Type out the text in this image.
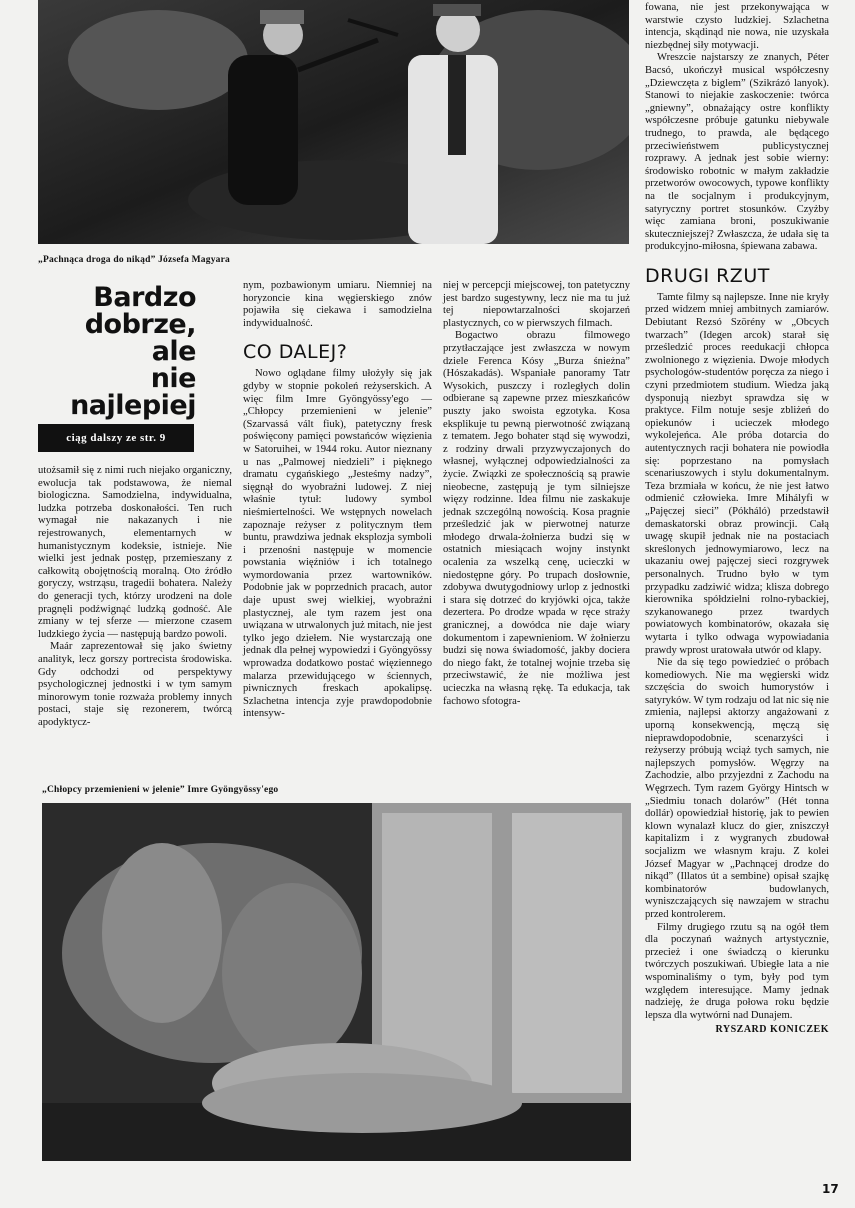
„Pachnąca droga do nikąd” Józsefa Magyara
Bardzo
dobrze,
ale
nie najlepiej
ciąg dalszy ze str. 9

utożsamił się z nimi ruch niejako organiczny, ewolucja tak podstawowa, że niemal biologiczna. Samodzielna, indywidualna, ludzka potrzeba doskonałości. Ten ruch wymagał nie nakazanych i nie rejestrowanych, elementarnych w humanistycznym kodeksie, istnieje. Nie wielki jest jednak postęp, przemieszany z całkowitą obojętnością moralną. Oto źródło goryczy, wstrząsu, tragedii bohatera. Należy do generacji tych, którzy urodzeni na dole pragnęli podźwignąć ludzką godność. Ale zmiany w tej sferze — mierzone czasem ludzkiego życia — następują bardzo powoli.

Maár zaprezentował się jako świetny analityk, lecz gorszy portrecista środowiska. Gdy odchodzi od perspektywy psychologicznej jednostki i w tym samym minorowym tonie rozważa problemy innych postaci, staje się rezonerem, twórcą apodyktycz-

nym, pozbawionym umiaru. Niemniej na horyzoncie kina węgierskiego znów pojawiła się ciekawa i samodzielna indywidualność.

CO DALEJ?

Nowo oglądane filmy ułożyły się jak gdyby w stopnie pokoleń reżyserskich. A więc film Imre Gyöngyössy'ego — „Chłopcy przemienieni w jelenie” (Szarvassá vált fiuk), patetyczny fresk poświęcony pamięci powstańców więzienia w Satoruihei, w 1944 roku. Autor nieznany u nas „Palmowej niedzieli” i pięknego dramatu cygańskiego „Jesteśmy nadzy”, sięgnął do wyobraźni ludowej. Z niej właśnie tytuł: ludowy symbol nieśmiertelności. We wstępnych nowelach zapoznaje reżyser z politycznym tłem buntu, prawdziwa jednak eksplozja symboli i przenośni następuje w momencie powstania więźniów i ich totalnego wymordowania przez wartowników. Podobnie jak w poprzednich pracach, autor daje upust swej wielkiej, wyobraźni plastycznej, ale tym razem jest ona uwiązana w utrwalonych już mitach, nie jest tylko jego dziełem. Nie wystarczają one jednak dla pełnej wypowiedzi i Gyöngyössy wprowadza dodatkowo postać więziennego malarza przewidującego w ściennych, piwnicznych freskach apokalipsę. Szlachetna intencja zyje prawdopodobnie intensyw-

niej w percepcji miejscowej, ton patetyczny jest bardzo sugestywny, lecz nie ma tu już tej niepowtarzalności skojarzeń plastycznych, co w pierwszych filmach.

Bogactwo obrazu filmowego przytłaczające jest zwłaszcza w nowym dziele Ferenca Kósy „Burza śnieżna” (Hószakadás). Wspaniałe panoramy Tatr Wysokich, puszczy i rozległych dolin odbierane są zapewne przez mieszkańców puszty jako swoista egzotyka. Kosa eksplikuje tu pewną pierwotność związaną z tematem. Jego bohater stąd się wywodzi, z rodziny drwali przyzwyczajonych do własnej, wyłącznej odpowiedzialności za życie. Związki ze społecznością są prawie nieobecne, zastępują je tym silniejsze więzy rodzinne. Idea filmu nie zaskakuje jednak szczególną nowością. Kosa pragnie prześledzić jak w pierwotnej naturze młodego drwala-żołnierza budzi się w ostatnich miesiącach wojny instynkt ocalenia za wszelką cenę, ucieczki w niedostępne góry. Po trupach dosłownie, zdobywa dwutygodniowy urlop z jednostki i stara się dotrzeć do kryjówki ojca, także dezertera. Po drodze wpada w ręce straży granicznej, a dowódca nie daje wiary dokumentom i zapewnieniom. W żołnierzu budzi się nowa świadomość, jakby dociera do niego fakt, że totalnej wojnie trzeba się przeciwstawić, że nie możliwa jest ucieczka na własną rękę. Ta edukacja, tak fachowo sfotogra-

fowana, nie jest przekonywająca w warstwie czysto ludzkiej. Szlachetna intencja, skądinąd nie nowa, nie uzyskała niezbędnej siły motywacji.

Wreszcie najstarszy ze znanych, Péter Bacsó, ukończył musical współczesny „Dziewczęta z biglem” (Szikrázó lanyok). Stanowi to niejakie zaskoczenie: twórca „gniewny”, obnażający ostre konflikty współczesne próbuje gatunku niebywale trudnego, to prawda, ale będącego przeciwieństwem publicystycznej rozprawy. A jednak jest sobie wierny: środowisko robotnic w małym zakładzie przetworów owocowych, typowe konflikty na tle socjalnym i produkcyjnym, satyryczny portret stosunków. Czyżby więc zamiana broni, poszukiwanie skuteczniejszej? Zwłaszcza, że udała się ta produkcyjno-miłosna, śpiewana zabawa.

DRUGI RZUT

Tamte filmy są najlepsze. Inne nie kryły przed widzem mniej ambitnych zamiarów. Debiutant Rezsó Szörény w „Obcych twarzach” (Idegen arcok) starał się prześledzić proces reedukacji chłopca zwolnionego z więzienia. Dwoje młodych psychologów-studentów poręcza za niego i czyni przedmiotem studium. Wiedza jaką dysponują niezbyt sprawdza się w praktyce. Film notuje sesje zbliżeń do opiekunów i ucieczek młodego wykolejeńca. Ale próba dotarcia do autentycznych racji bohatera nie powiodła się: poprzestano na pomysłach scenariuszowych i stylu dokumentalnym. Teza brzmiała w końcu, że nie jest łatwo odmienić człowieka. Imre Mihályfi w „Pajęczej sieci” (Pókháló) przedstawił demaskatorski obraz prowincji. Całą uwagę skupił jednak nie na postaciach skreślonych jednowymiarowo, lecz na ukazaniu owej pajęczej sieci rozgrywek personalnych. Trudno było w tym przypadku zadziwić widza; klisza dobrego kierownika spółdzielni rolno-rybackiej, szykanowanego przez twardych powiatowych kombinatorów, okazała się wytarta i tylko odwaga wypowiadania prawdy wprost uratowała utwór od klapy.

Nie da się tego powiedzieć o próbach komediowych. Nie ma węgierski widz szczęścia do swoich humorystów i satyryków. W tym rodzaju od lat nic się nie zmienia, najlepsi aktorzy angażowani z uporną konsekwencją, męczą się nieprawdopodobnie, scenarzyści i reżyserzy próbują wciąż tych samych, nie najlepszych pomysłów. Węgrzy na Zachodzie, albo przyjezdni z Zachodu na Węgrzech. Tym razem György Hintsch w „Siedmiu tonach dolarów” (Hét tonna dollár) opowiedział historię, jak to pewien klown wynalazł klucz do gier, zniszczył kapitalizm i z wygranych zbudował socjalizm we własnym kraju. Z kolei József Magyar w „Pachnącej drodze do nikąd” (Illatos út a sembine) opisał szajkę kombinatorów budowlanych, wyniszczających się nawzajem w strachu przed kontrolerem.

Filmy drugiego rzutu są na ogół tłem dla poczynań ważnych artystycznie, przecież i one świadczą o kierunku twórczych poszukiwań. Ubiegłe lata a nie wspominaliśmy o tym, były pod tym względem interesujące. Mamy jednak nadzieję, że druga połowa roku będzie lepsza dla wytwórni nad Dunajem.

RYSZARD KONICZEK
„Chłopcy przemienieni w jelenie” Imre Gyöngyössy'ego
17
